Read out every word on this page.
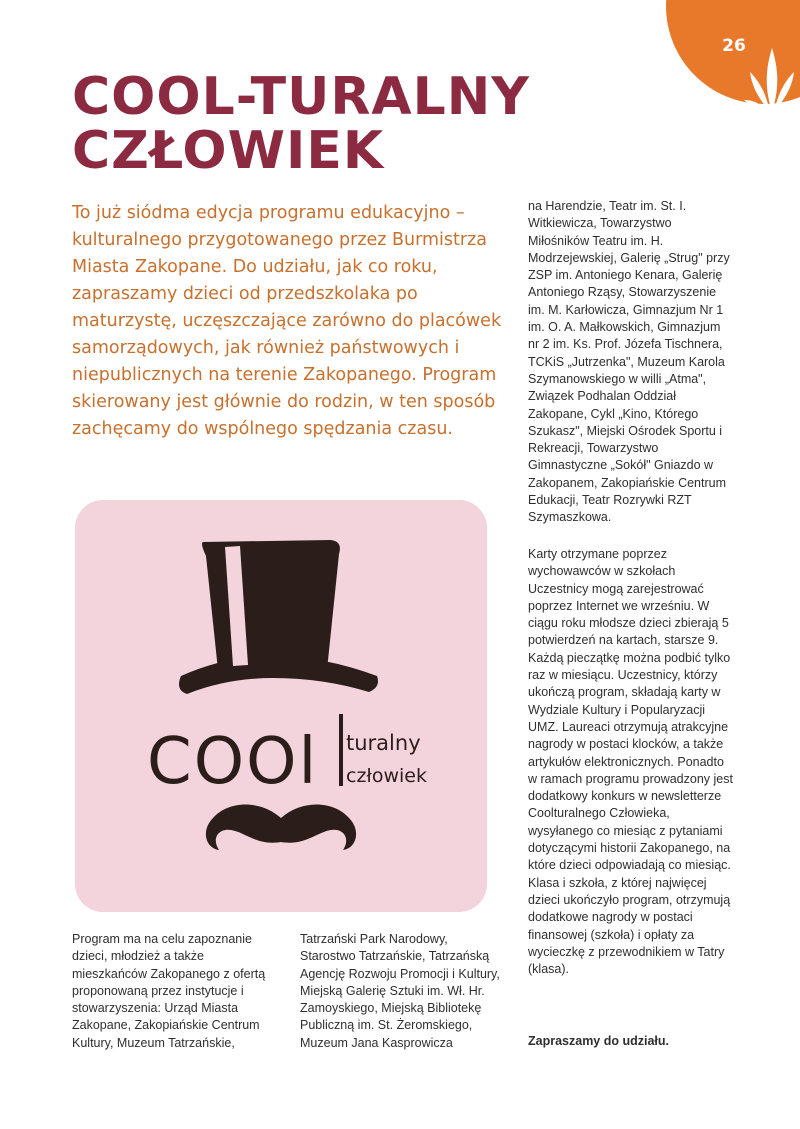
26
COOL-TURALNY
CZŁOWIEK

To już siódma edycja programu edukacyjno – kulturalnego przygotowanego przez Burmistrza Miasta Zakopane. Do udziału, jak co roku, zapraszamy dzieci od przedszkolaka po maturzystę, uczęszczające zarówno do placówek samorządowych, jak również państwowych i niepublicznych na terenie Zakopanego. Program skierowany jest głównie do rodzin, w ten sposób zachęcamy do wspólnego spędzania czasu.

na Harendzie, Teatr im. St. I. Witkiewicza, Towarzystwo Miłośników Teatru im. H. Modrzejewskiej, Galerię „Strug" przy ZSP im. Antoniego Kenara, Galerię Antoniego Rząsy, Stowarzyszenie im. M. Karłowicza, Gimnazjum Nr 1 im. O. A. Małkowskich, Gimnazjum nr 2 im. Ks. Prof. Józefa Tischnera, TCKiS „Jutrzenka", Muzeum Karola Szymanowskiego w willi „Atma", Związek Podhalan Oddział Zakopane, Cykl „Kino, Którego Szukasz", Miejski Ośrodek Sportu i Rekreacji, Towarzystwo Gimnastyczne „Sokół" Gniazdo w Zakopanem, Zakopiańskie Centrum Edukacji, Teatr Rozrywki RZT Szymaszkowa.

Karty otrzymane poprzez wychowawców w szkołach Uczestnicy mogą zarejestrować poprzez Internet we wrześniu. W ciągu roku młodsze dzieci zbierają 5 potwierdzeń na kartach, starsze 9. Każdą pieczątkę można podbić tylko raz w miesiącu. Uczestnicy, którzy ukończą program, składają karty w Wydziale Kultury i Popularyzacji UMZ. Laureaci otrzymują atrakcyjne nagrody w postaci klocków, a także artykułów elektronicznych. Ponadto w ramach programu prowadzony jest dodatkowy konkurs w newsletterze Coolturalnego Człowieka, wysyłanego co miesiąc z pytaniami dotyczącymi historii Zakopanego, na które dzieci odpowiadają co miesiąc. Klasa i szkoła, z której najwięcej dzieci ukończyło program, otrzymują dodatkowe nagrody w postaci finansowej (szkoła) i opłaty za wycieczkę z przewodnikiem w Tatry (klasa).

Zapraszamy do udziału.

COOl turalny
człowiek

Program ma na celu zapoznanie dzieci, młodzież a także mieszkańców Zakopanego z ofertą proponowaną przez instytucje i stowarzyszenia: Urząd Miasta Zakopane, Zakopiańskie Centrum Kultury, Muzeum Tatrzańskie,

Tatrzański Park Narodowy, Starostwo Tatrzańskie, Tatrzańską Agencję Rozwoju Promocji i Kultury, Miejską Galerię Sztuki im. Wł. Hr. Zamoyskiego, Miejską Bibliotekę Publiczną im. St. Żeromskiego, Muzeum Jana Kasprowicza
